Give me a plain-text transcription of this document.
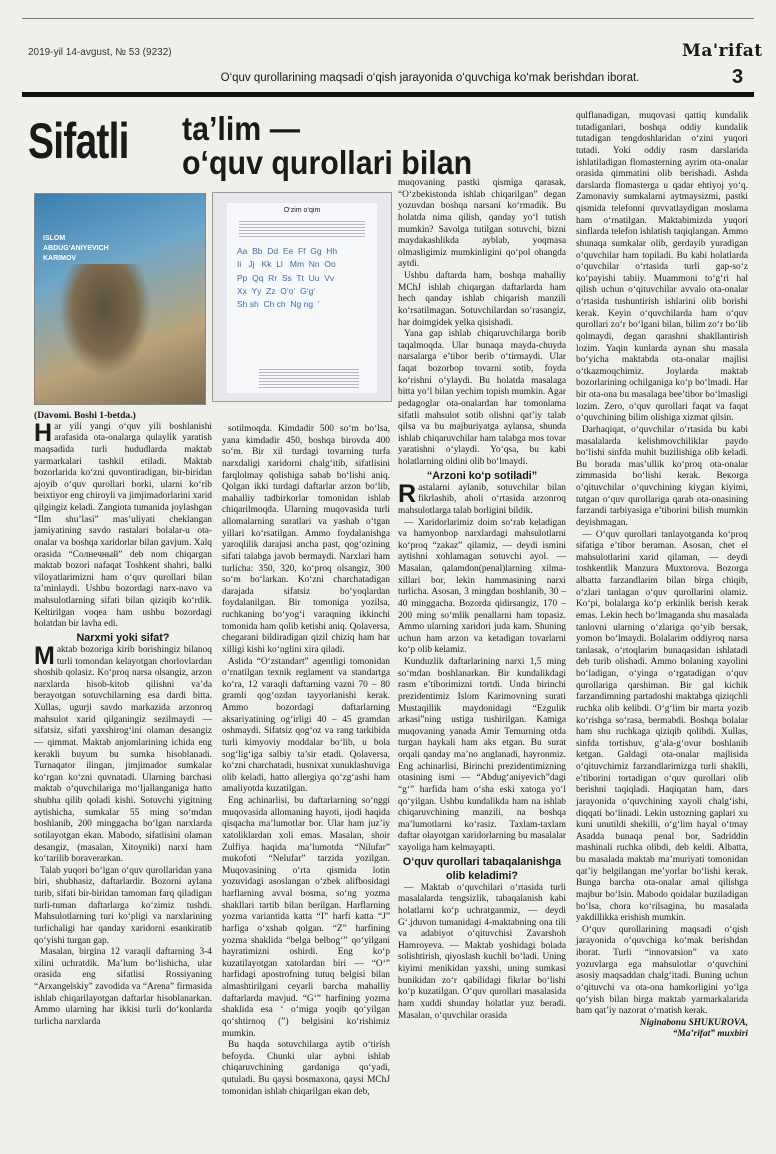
2019-yil 14-avgust, № 53 (9232)	Ma'rifat
O‘quv qurollarining maqsadi o‘qish jarayonida o‘quvchiga ko‘mak berishdan iborat.	3
Sifatli ta’lim —
o‘quv qurollari bilan
ISLOM
ABDUG‘ANIYEVICH
KARIMOV
O‘zim o‘qim
Aa  Bb  Dd  Ee  Ff  Gg  Hh
Ii   Jj   Kk  Ll   Mm  Nn  Oo
Pp  Qq  Rr  Ss  Tt  Uu  Vv
Xx  Yy  Zz  O‘o‘  G‘g‘
Sh sh  Ch ch  Ng ng  ’

(Davomi. Boshi 1-betda.)

Har yili yangi o‘quv yili boshlanishi arafasida ota-onalarga qulaylik yaratish maqsadida turli hududlarda maktab yarmarkalari tashkil etiladi. Maktab bozorlarida ko‘zni quvontiradigan, bir-biridan ajoyib o‘quv qurollari borki, ularni ko‘rib beixtiyor eng chiroyli va jimjimadorlarini xarid qilgingiz keladi. Zangiota tumanida joylashgan “Ilm shu’lasi” mas’uliyati cheklangan jamiyatining savdo rastalari bolalar-u ota-onalar va boshqa xaridorlar bilan gavjum. Xalq orasida “Солнечный” deb nom chiqargan maktab bozori nafaqat Toshkent shahri, balki viloyatlarimizni ham o‘quv qurollari bilan ta’minlaydi. Ushbu bozordagi narx-navo va mahsulotlarning sifati bilan qiziqib ko‘rdik. Keltirilgan voqea ham ushbu bozordagi holatdan bir lavha edi.

Narxmi yoki sifat?

Maktab bozoriga kirib borishingiz bilanoq turli tomondan kelayotgan chorlovlardan shoshib qolasiz. Ko‘proq narsa olsangiz, arzon narxlarda hisob-kitob qilishni va’da berayotgan sotuvchilarning esa dardi bitta. Xullas, ugurji savdo markazida arzonroq mahsulot xarid qilganingiz sezilmaydi — sifatsiz, sifati yaxshirog‘ini olaman desangiz — qimmat. Maktab anjomlarining ichida eng kerakli buyum bu sumka hisoblanadi. Turnaqator ilingan, jimjimador sumkalar ko‘rgan ko‘zni quvnatadi. Ularning barchasi maktab o‘quvchilariga mo‘ljallanganiga hatto shubha qilib qoladi kishi. Sotuvchi yigitning aytishicha, sumkalar 55 ming so‘mdan boshlanib, 200 minggacha bo‘lgan narxlarda sotilayotgan ekan. Mabodo, sifatlisini olaman desangiz, (masalan, Xitoyniki) narxi ham ko‘tarilib boraverarkan.

Talab yuqori bo‘lgan o‘quv qurollaridan yana biri, shubhasiz, daftarlardir. Bozorni aylana turib, sifati bir-biridan tamoman farq qiladigan turli-tuman daftarlarga ko‘zimiz tushdi. Mahsulotlarning turi ko‘pligi va narxlarining turlichaligi har qanday xaridorni esankiratib qo‘yishi turgan gap.

Masalan, birgina 12 varaqli daftarning 3-4 xilini uchratdik. Ma’lum bo‘lishicha, ular orasida eng sifatlisi Rossiyaning “Arxangelskiy” zavodida va “Arena” firmasida ishlab chiqarilayotgan daftarlar hisoblanarkan. Ammo ularning har ikkisi turli do‘konlarda turlicha narxlarda

sotilmoqda. Kimdadir 500 so‘m bo‘lsa, yana kimdadir 450, boshqa birovda 400 so‘m. Bir xil turdagi tovarning turfa narxdaligi xaridorni chalg‘itib, sifatlisini farqlolmay qolishiga sabab bo‘lishi aniq. Qolgan ikki turdagi daftarlar arzon bo‘lib, mahalliy tadbirkorlar tomonidan ishlab chiqarilmoqda. Ularning muqovasida turli allomalarning suratlari va yashab o‘tgan yillari ko‘rsatilgan. Ammo foydalanishga yaroqlilik darajasi ancha past, qog‘ozining sifati talabga javob bermaydi. Narxlari ham turlicha: 350, 320, ko‘proq olsangiz, 300 so‘m bo‘larkan. Ko‘zni charchatadigan darajada sifatsiz bo‘yoqlardan foydalanilgan. Bir tomoniga yozilsa, ruchkaning bo‘yog‘i varaqning ikkinchi tomonida ham qolib ketishi aniq. Qolaversa, chegarani bildiradigan qizil chiziq ham har xilligi kishi ko‘nglini xira qiladi.

Aslida “O‘zstandart” agentligi tomonidan o‘rnatilgan texnik reglament va standartga ko‘ra, 12 varaqli daftarning vazni 70 – 80 gramli qog‘ozdan tayyorlanishi kerak. Ammo bozordagi daftarlarning aksariyatining og‘irligi 40 – 45 gramdan oshmaydi. Sifatsiz qog‘oz va rang tarkibida turli kimyoviy moddalar bo‘lib, u bola sog‘lig‘iga salbiy ta’sir etadi. Qolaversa, ko‘zni charchatadi, husnixat xunuklashuviga olib keladi, hatto allergiya qo‘zg‘ashi ham amaliyotda kuzatilgan.

Eng achinarlisi, bu daftarlarning so‘nggi muqovasida allomaning hayoti, ijodi haqida qisqacha ma’lumotlar bor. Ular ham juz’iy xatoliklardan xoli emas. Masalan, shoir Zulfiya haqida ma’lumotda “Nilufar” mukofoti “Nelufar” tarzida yozilgan. Muqovasining o‘rta qismida lotin yozuvidagi asoslangan o‘zbek alifbosidagi harflarning avval bosma, so‘ng yozma shakllari tartib bilan berilgan. Harflarning yozma variantida katta “I” harfi katta “J” harfiga o‘xshab qolgan. “Z” harfining yozma shaklida “belga belbog‘” qo‘yilgani hayratimizni oshirdi. Eng ko‘p kuzatilayotgan xatolardan biri — “O‘” harfidagi apostrofning tutuq belgisi bilan almashtirilgani ceyarli barcha mahalliy daftarlarda mavjud. “G‘” harfining yozma shaklida esa ‘ o‘miga yoqib qo‘yilgan qo‘shtirnoq (”) belgisini ko‘rishimiz mumkin.

Bu haqda sotuvchilarga aytib o‘tirish befoyda. Chunki ular aybni ishlab chiqaruvchining gardaniga qo‘yadi, qutuladi. Bu qaysi bosmaxona, qaysi MChJ tomonidan ishlab chiqarilgan ekan deb,

muqovaning pastki qismiga qarasak, “O‘zbekistonda ishlab chiqarilgan” degan yozuvdan boshqa narsani ko‘rmadik. Bu holatda nima qilish, qanday yo‘l tutish mumkin? Savolga tutilgan sotuvchi, bizni maydakashlikda ayblab, yoqmasa olmasligimiz mumkinligini qo‘pol ohangda aytdi.

Ushbu daftarda ham, boshqa mahalliy MChJ ishlab chiqargan daftarlarda ham hech qanday ishlab chiqarish manzili ko‘rsatilmagan. Sotuvchilardan so‘rasangiz, har doimgidek yelka qisishadi.

Yana gap ishlab chiqaruvchilarga borib taqalmoqda. Ular bunaqa mayda-chuyda narsalarga e’tibor berib o‘tirmaydi. Ular faqat bozorbop tovarni sotib, foyda ko‘rishni o‘ylaydi. Bu holatda masalaga bitta yo‘l bilan yechim topish mumkin. Agar pedagoglar ota-onalardan har tomonlama sifatli mahsulot sotib olishni qat’iy talab qilsa va bu majburiyatga aylansa, shunda ishlab chiqaruvchilar ham talabga mos tovar yaratishni o‘ylaydi. Yo‘qsa, bu kabi holatlarning oldini olib bo‘lmaydi.

“Arzoni ko‘p sotiladi”

Rastalarni aylanib, sotuvchilar bilan fikrlashib, aholi o‘rtasida arzonroq mahsulotlarga talab borligini bildik.

— Xaridorlarimiz doim so‘rab keladigan va hamyonbop narxlardagi mahsulotlarni ko‘proq “zakaz” qilamiz, — deydi ismini aytishni xohlamagan sotuvchi ayol. — Masalan, qalamdon(penal)larning xilma-xillari bor, lekin hammasining narxi turlicha. Asosan, 3 mingdan boshlanib, 30 – 40 minggacha. Bozorda qidirsangiz, 170 – 200 ming so‘mlik penallarni ham topasiz. Ammo ularning xaridori juda kam. Shuning uchun ham arzon va ketadigan tovarlarni ko‘p olib kelamiz.

Kunduzlik daftarlarining narxi 1,5 ming so‘mdan boshlanarkan. Bir kundalikdagi rasm e’tiborimizni tortdi. Unda birinchi prezidentimiz Islom Karimovning surati Mustaqillik maydonidagi “Ezgulik arkasi”ning ustiga tushirilgan. Kamiga muqovaning yanada Amir Temurning otda turgan haykali ham aks etgan. Bu surat orqali qanday ma’no anglanadi, hayronmiz. Eng achinarlisi, Birinchi prezidentimizning otasining ismi — “Abdug‘aniyevich”dagi “g‘” harfida ham o‘sha eski xatoga yo‘l qo‘yilgan. Ushbu kundalikda ham na ishlab chiqaruvchining manzili, na boshqa ma’lumotlarni ko‘rasiz. Taxlam-taxlam daftar olayotgan xaridorlarning bu masalalar xayoliga ham kelmayapti.

O‘quv qurollari tabaqalanishga olib keladimi?

— Maktab o‘quvchilari o‘rtasida turli masalalarda tengsizlik, tabaqalanish kabi holatlarni ko‘p uchratganmiz, — deydi G‘.jduvon tumanidagi 4-maktabning ona tili va adabiyot o‘qituvchisi Zavarshoh Hamroyeva. — Maktab yoshidagi bolada solishtirish, qiyoslash kuchli bo‘ladi. Uning kiyimi menikidan yaxshi, uning sumkasi bunikidan zo‘r qabilidagi fikrlar bo‘lishi ko‘p kuzatilgan. O‘quv qurollari masalasida ham xuddi shunday holatlar yuz beradi. Masalan, o‘quvchilar orasida

qulflanadigan, muqovasi qattiq kundalik tutadiganlari, boshqa oddiy kundalik tutadigan tengdoshlaridan o‘zini yuqori tutadi. Yoki oddiy rasm darslarida ishlatiladigan flomasterning ayrim ota-onalar orasida qimmatini olib berishadi. Ashda darslarda flomasterga u qadar ehtiyoj yo‘q. Zamonaviy sumkalarni aytmaysizmi, pastki qismida telefonni quvvatlaydigan moslama ham o‘rnatilgan. Maktabimizda yuqori sinflarda telefon ishlatish taqiqlangan. Ammo shunaqa sumkalar olib, gerdayib yuradigan o‘quvchilar ham topiladi. Bu kabi holatlarda o‘quvchilar o‘rtasida turli gap-so‘z ko‘payishi tabiiy. Muammoni to‘g‘ri hal qilish uchun o‘qituvchilar avvalo ota-onalar o‘rtasida tushuntirish ishlarini olib borishi kerak. Keyin o‘quvchilarda ham o‘quv qurollari zo‘r bo‘lgani bilan, bilim zo‘r bo‘lib qolmaydi, degan qarashni shakllantirish lozim. Yaqin kunlarda aynan shu masala bo‘yicha maktabda ota-onalar majlisi o‘tkazmoqchimiz. Joylarda maktab bozorlarining ochilganiga ko‘p bo‘lmadi. Har bir ota-ona bu masalaga bee’tibor bo‘lmasligi lozim. Zero, o‘quv qurollari faqat va faqat o‘quvchining bilim olishiga xizmat qilsin.

Darhaqiqat, o‘quvchilar o‘rtasida bu kabi masalalarda kelishmovchiliklar paydo bo‘lishi sinfda muhit buzilishiga olib keladi. Bu borada mas’ullik ko‘proq ota-onalar zimmasida bo‘lishi kerak. Beкorga o‘qituvchilar o‘quvchining kiygan kiyimi, tutgan o‘quv qurollariga qarab ota-onasining farzandi tarbiyasiga e’tiborini bilish mumkin deyishmagan.

— O‘quv qurollari tanlayotganda ko‘proq sifatiga e’tibor beraman. Asosan, chet el mahsulotlarini xarid qilaman, — deydi toshkentlik Manzura Muxtorova. Bozorga albatta farzandlarim bilan birga chiqib, o‘zlari tanlagan o‘quv qurollarini olamiz. Ko‘pi, bolalarga ko‘p erkinlik berish kerak emas. Lekin hech bo‘lmaganda shu masalada tanlovni ularning o‘zlariga qo‘yib bersak, yomon bo‘lmaydi. Bolalarim oddiyroq narsa tanlasak, o‘rtoqlarim bunaqasidan ishlatadi deb turib olishadi. Ammo bolaning xayolini bo‘ladigan, o‘yinga o‘rgatadigan o‘quv qurollariga qarshiman. Bir gal kichik farzandimning partadoshi maktabga qiziqchli ruchka olib kelibdi. O‘g‘lim bir marta yozib ko‘rishga so‘rasa, bermabdi. Boshqa bolalar ham shu ruchkaga qiziqib qolibdi. Xullas, sinfda tortishuv, g‘ala-g‘ovur boshlanib ketgan. Galdagi ota-onalar majlisida o‘qituvchimiz farzandlarimizga turli shaklli, e’tiborini tortadigan o‘quv qurollari olib berishni taqiqladi. Haqiqatan ham, dars jarayonida o‘quvchining xayoli chalg‘ishi, diqqati bo‘linadi. Lekin ustozning gaplari xu kuni unutildi shekilli, o‘g‘lim hayal o‘tmay Asadda bunaqa penal bor, Sadriddin mashinali ruchka olibdi, deb keldi. Albatta, bu masalada maktab ma’muriyati tomonidan qat’iy belgilangan me’yorlar bo‘lishi kerak. Bunga barcha ota-onalar amal qilishga majbur bo‘lsin. Mabodo qoidalar buziladigan bo‘lsa, chora ko‘rilsagina, bu masalada yakdillikka erishish mumkin.

O‘quv qurollarining maqsadi o‘qish jarayonida o‘quvchiga ko‘mak berishdan iborat. Turli “innovatsion” va xato yozuvlarga ega mahsulotlar o‘quvchini asosiy maqsaddan chalg‘itadi. Buning uchun o‘qituvchi va ota-ona hamkorligini yo‘lga qo‘yish bilan birga maktab yarmarkalarida ham qat’iy nazorat o‘rnatish kerak.

Niginabonu SHUKUROVA,

“Ma’rifat” muxbiri
